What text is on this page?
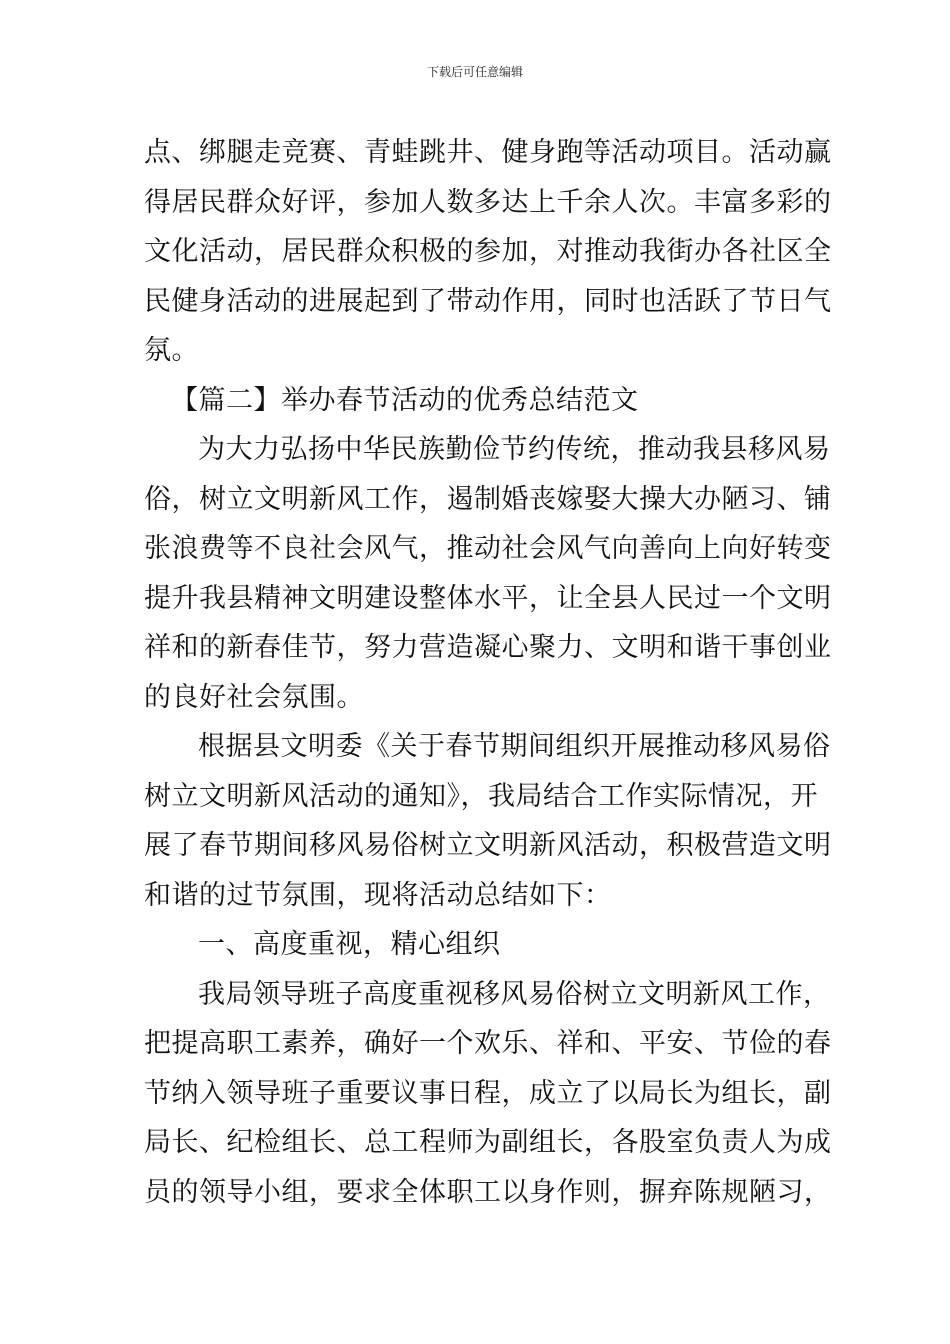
下载后可任意编辑
点、绑腿走竞赛、青蛙跳井、健身跑等活动项目。活动赢
得居民群众好评，参加人数多达上千余人次。丰富多彩的
文化活动，居民群众积极的参加，对推动我街办各社区全
民健身活动的进展起到了带动作用，同时也活跃了节日气
氛。
【篇二】举办春节活动的优秀总结范文
为大力弘扬中华民族勤俭节约传统，推动我县移风易
俗，树立文明新风工作，遏制婚丧嫁娶大操大办陋习、铺
张浪费等不良社会风气，推动社会风气向善向上向好转变
提升我县精神文明建设整体水平，让全县人民过一个文明
祥和的新春佳节，努力营造凝心聚力、文明和谐干事创业
的良好社会氛围。
根据县文明委《关于春节期间组织开展推动移风易俗
树立文明新风活动的通知》，我局结合工作实际情况，开
展了春节期间移风易俗树立文明新风活动，积极营造文明
和谐的过节氛围，现将活动总结如下：
一、高度重视，精心组织
我局领导班子高度重视移风易俗树立文明新风工作，
把提高职工素养，确好一个欢乐、祥和、平安、节俭的春
节纳入领导班子重要议事日程，成立了以局长为组长，副
局长、纪检组长、总工程师为副组长，各股室负责人为成
员的领导小组，要求全体职工以身作则，摒弃陈规陋习，
